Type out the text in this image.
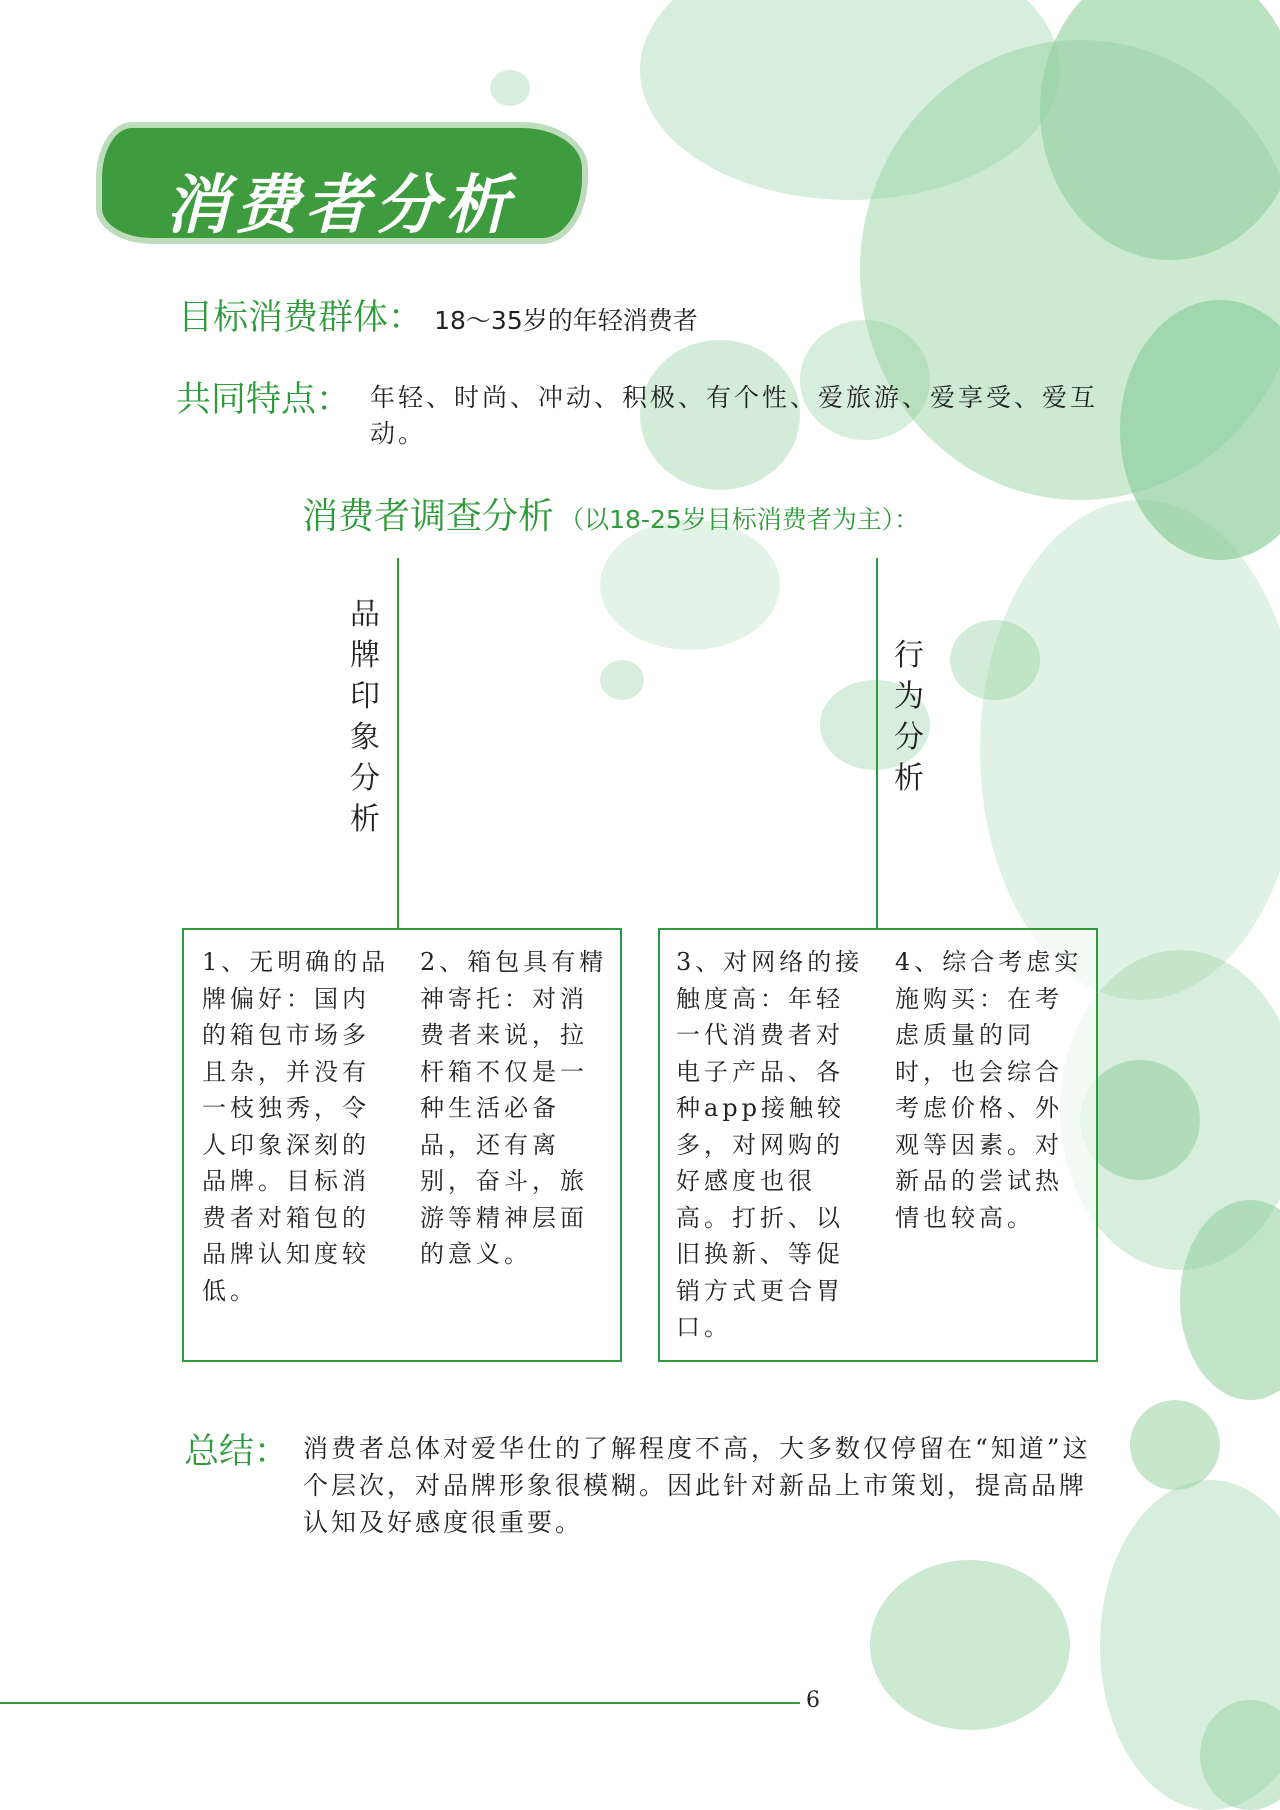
消费者分析
目标消费群体： 18～35岁的年轻消费者
共同特点： 年轻、时尚、冲动、积极、有个性、爱旅游、爱享受、爱互动。
消费者调查分析 （以18-25岁目标消费者为主）：
品牌印象分析
行为分析
1、无明确的品牌偏好：国内的箱包市场多且杂，并没有一枝独秀，令人印象深刻的品牌。目标消费者对箱包的品牌认知度较低。
2、箱包具有精神寄托：对消费者来说，拉杆箱不仅是一种生活必备品，还有离别，奋斗，旅游等精神层面的意义。
3、对网络的接触度高：年轻一代消费者对电子产品、各种app接触较多，对网购的好感度也很高。打折、以旧换新、等促销方式更合胃口。
4、综合考虑实施购买：在考虑质量的同时，也会综合考虑价格、外观等因素。对新品的尝试热情也较高。
总结： 消费者总体对爱华仕的了解程度不高，大多数仅停留在“知道”这个层次，对品牌形象很模糊。因此针对新品上市策划，提高品牌认知及好感度很重要。
6
